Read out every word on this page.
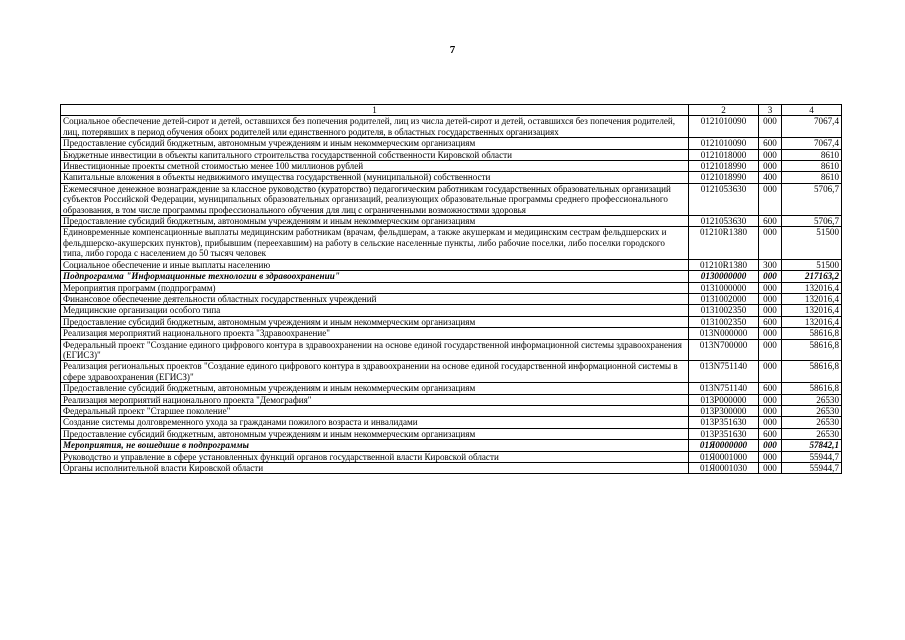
7
1	2	3	4
Социальное обеспечение детей-сирот и детей, оставшихся без попечения родителей, лиц из числа детей-сирот и детей, оставшихся без попечения родителей, лиц, потерявших в период обучения обоих родителей или единственного родителя, в областных государственных организациях	0121010090	000	7067,4
Предоставление субсидий бюджетным, автономным учреждениям и иным некоммерческим организациям	0121010090	600	7067,4
Бюджетные инвестиции в объекты капитального строительства государственной собственности Кировской области	0121018000	000	8610
Инвестиционные проекты сметной стоимостью менее 100 миллионов рублей	0121018990	000	8610
Капитальные вложения в объекты недвижимого имущества государственной (муниципальной) собственности	0121018990	400	8610
Ежемесячное денежное вознаграждение за классное руководство (кураторство) педагогическим работникам государственных образовательных организаций субъектов Российской Федерации, муниципальных образовательных организаций, реализующих образовательные программы среднего профессионального образования, в том числе программы профессионального обучения для лиц с ограниченными возможностями здоровья	0121053630	000	5706,7
Предоставление субсидий бюджетным, автономным учреждениям и иным некоммерческим организациям	0121053630	600	5706,7
Единовременные компенсационные выплаты медицинским работникам (врачам, фельдшерам, а также акушеркам и медицинским сестрам фельдшерских и фельдшерско-акушерских пунктов), прибывшим (переехавшим) на работу в сельские населенные пункты, либо рабочие поселки, либо поселки городского типа, либо города с населением до 50 тысяч человек	01210R1380	000	51500
Социальное обеспечение и иные выплаты населению	01210R1380	300	51500
Подпрограмма "Информационные технологии в здравоохранении"	0130000000	000	217163,2
Мероприятия программ (подпрограмм)	0131000000	000	132016,4
Финансовое обеспечение деятельности областных государственных учреждений	0131002000	000	132016,4
Медицинские организации особого типа	0131002350	000	132016,4
Предоставление субсидий бюджетным, автономным учреждениям и иным некоммерческим организациям	0131002350	600	132016,4
Реализация мероприятий национального проекта "Здравоохранение"	013N000000	000	58616,8
Федеральный проект "Создание единого цифрового контура в здравоохранении на основе единой государственной информационной системы здравоохранения (ЕГИСЗ)"	013N700000	000	58616,8
Реализация региональных проектов "Создание единого цифрового контура в здравоохранении на основе единой государственной информационной системы в сфере здравоохранения (ЕГИСЗ)"	013N751140	000	58616,8
Предоставление субсидий бюджетным, автономным учреждениям и иным некоммерческим организациям	013N751140	600	58616,8
Реализация мероприятий национального проекта "Демография"	013P000000	000	26530
Федеральный проект "Старшее поколение"	013P300000	000	26530
Создание системы долговременного ухода за гражданами пожилого возраста и инвалидами	013P351630	000	26530
Предоставление субсидий бюджетным, автономным учреждениям и иным некоммерческим организациям	013P351630	600	26530
Мероприятия, не вошедшие в подпрограммы	01Я0000000	000	57842,1
Руководство и управление в сфере установленных функций органов государственной власти Кировской области	01Я0001000	000	55944,7
Органы исполнительной власти Кировской области	01Я0001030	000	55944,7
